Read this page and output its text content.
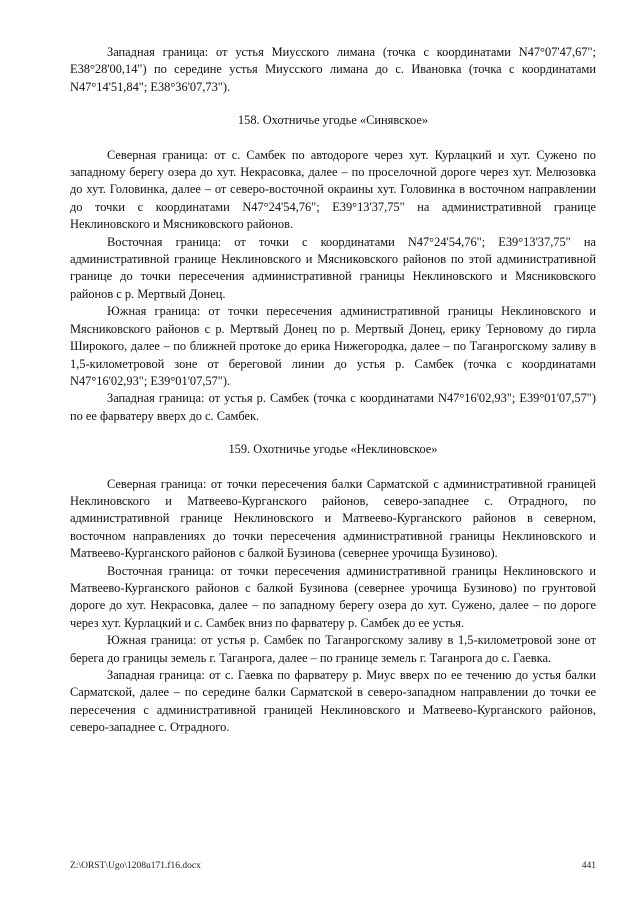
Западная граница: от устья Миусского лимана (точка с координатами N47°07'47,67"; E38°28'00,14") по середине устья Миусского лимана до с. Ивановка (точка с координатами N47°14'51,84"; E38°36'07,73").

158. Охотничье угодье «Синявское»

Северная граница: от с. Самбек по автодороге через хут. Курлацкий и хут. Сужено по западному берегу озера до хут. Некрасовка, далее – по проселочной дороге через хут. Мелюзовка до хут. Головинка, далее – от северо-восточной окраины хут. Головинка в восточном направлении до точки с координатами N47°24'54,76"; E39°13'37,75" на административной границе Неклиновского и Мясниковского районов.

Восточная граница: от точки с координатами N47°24'54,76"; E39°13'37,75" на административной границе Неклиновского и Мясниковского районов по этой административной границе до точки пересечения административной границы Неклиновского и Мясниковского районов с р. Мертвый Донец.

Южная граница: от точки пересечения административной границы Неклиновского и Мясниковского районов с р. Мертвый Донец по р. Мертвый Донец, ерику Терновому до гирла Широкого, далее – по ближней протоке до ерика Нижегородка, далее – по Таганрогскому заливу в 1,5-километровой зоне от береговой линии до устья р. Самбек (точка с координатами N47°16'02,93"; E39°01'07,57").

Западная граница: от устья р. Самбек (точка с координатами N47°16'02,93"; E39°01'07,57") по ее фарватеру вверх до с. Самбек.

159. Охотничье угодье «Неклиновское»

Северная граница: от точки пересечения балки Сарматской с административной границей Неклиновского и Матвеево-Курганского районов, северо-западнее с. Отрадного, по административной границе Неклиновского и Матвеево-Курганского районов в северном, восточном направлениях до точки пересечения административной границы Неклиновского и Матвеево-Курганского районов с балкой Бузинова (севернее урочища Бузиново).

Восточная граница: от точки пересечения административной границы Неклиновского и Матвеево-Курганского районов с балкой Бузинова (севернее урочища Бузиново) по грунтовой дороге до хут. Некрасовка, далее – по западному берегу озера до хут. Сужено, далее – по дороге через хут. Курлацкий и с. Самбек вниз по фарватеру р. Самбек до ее устья.

Южная граница: от устья р. Самбек по Таганрогскому заливу в 1,5-километровой зоне от берега до границы земель г. Таганрога, далее – по границе земель г. Таганрога до с. Гаевка.

Западная граница: от с. Гаевка по фарватеру р. Миус вверх по ее течению до устья балки Сарматской, далее – по середине балки Сарматской в северо-западном направлении до точки ее пересечения с административной границей Неклиновского и Матвеево-Курганского районов, северо-западнее с. Отрадного.

Z:\ORST\Ugo\1208u171.f16.docx	441
